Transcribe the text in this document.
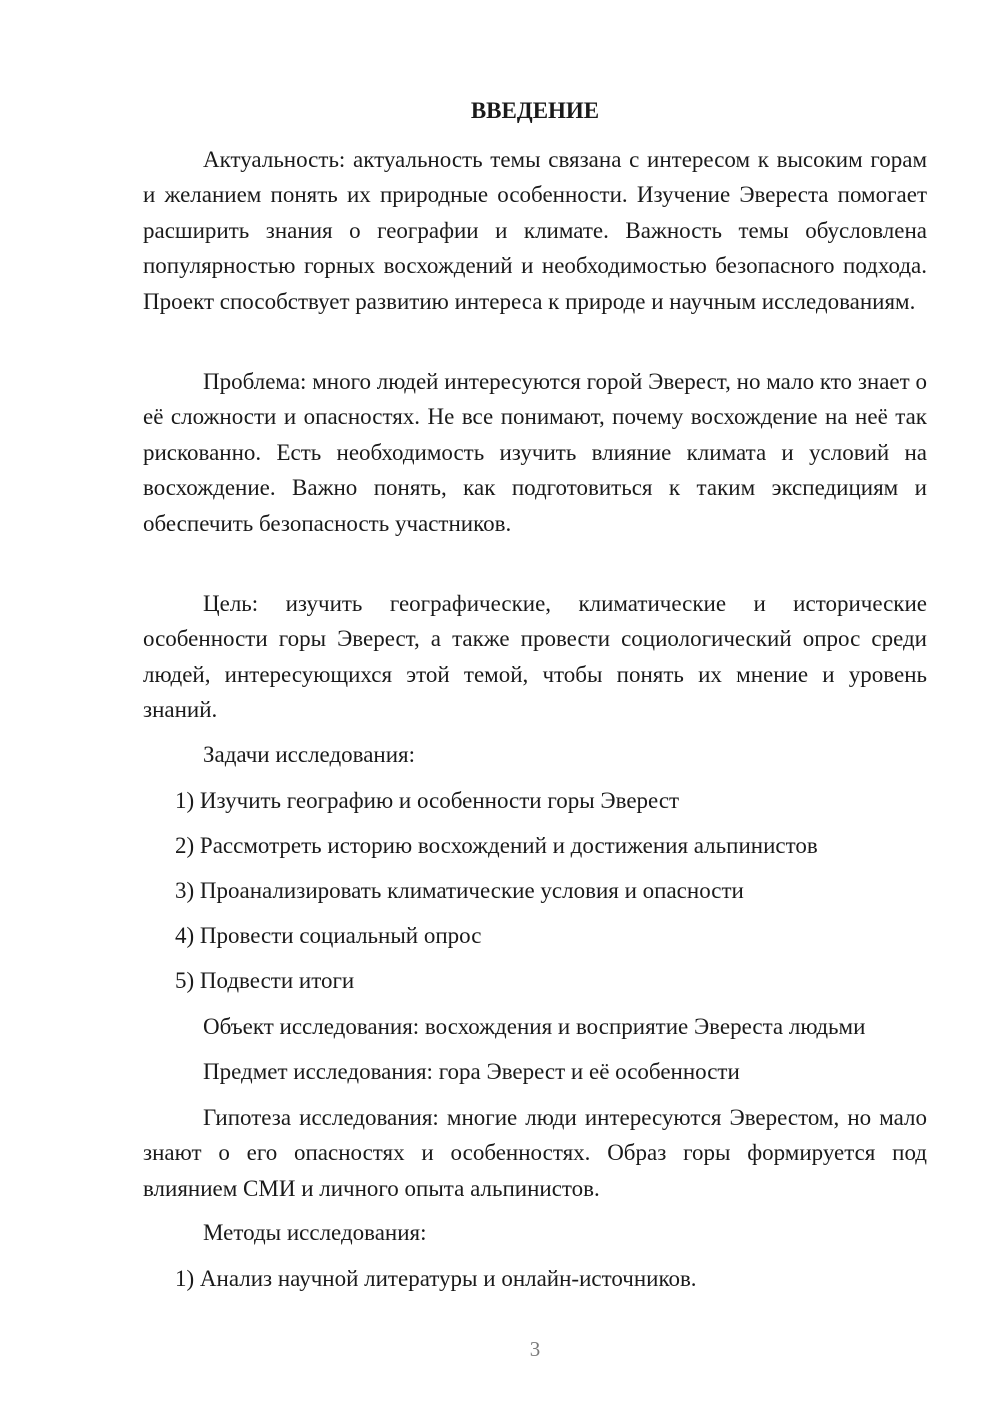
ВВЕДЕНИЕ

Актуальность: актуальность темы связана с интересом к высоким горам и желанием понять их природные особенности. Изучение Эвереста помогает расширить знания о географии и климате. Важность темы обусловлена популярностью горных восхождений и необходимостью безопасного подхода. Проект способствует развитию интереса к природе и научным исследованиям.

Проблема: много людей интересуются горой Эверест, но мало кто знает о её сложности и опасностях. Не все понимают, почему восхождение на неё так рискованно. Есть необходимость изучить влияние климата и условий на восхождение. Важно понять, как подготовиться к таким экспедициям и обеспечить безопасность участников.

Цель: изучить географические, климатические и исторические особенности горы Эверест, а также провести социологический опрос среди людей, интересующихся этой темой, чтобы понять их мнение и уровень знаний.

Задачи исследования:
1) Изучить географию и особенности горы Эверест
2) Рассмотреть историю восхождений и достижения альпинистов
3) Проанализировать климатические условия и опасности
4) Провести социальный опрос
5) Подвести итоги
Объект исследования: восхождения и восприятие Эвереста людьми
Предмет исследования: гора Эверест и её особенности

Гипотеза исследования: многие люди интересуются Эверестом, но мало знают о его опасностях и особенностях. Образ горы формируется под влиянием СМИ и личного опыта альпинистов.

Методы исследования:
1) Анализ научной литературы и онлайн-источников.
3
